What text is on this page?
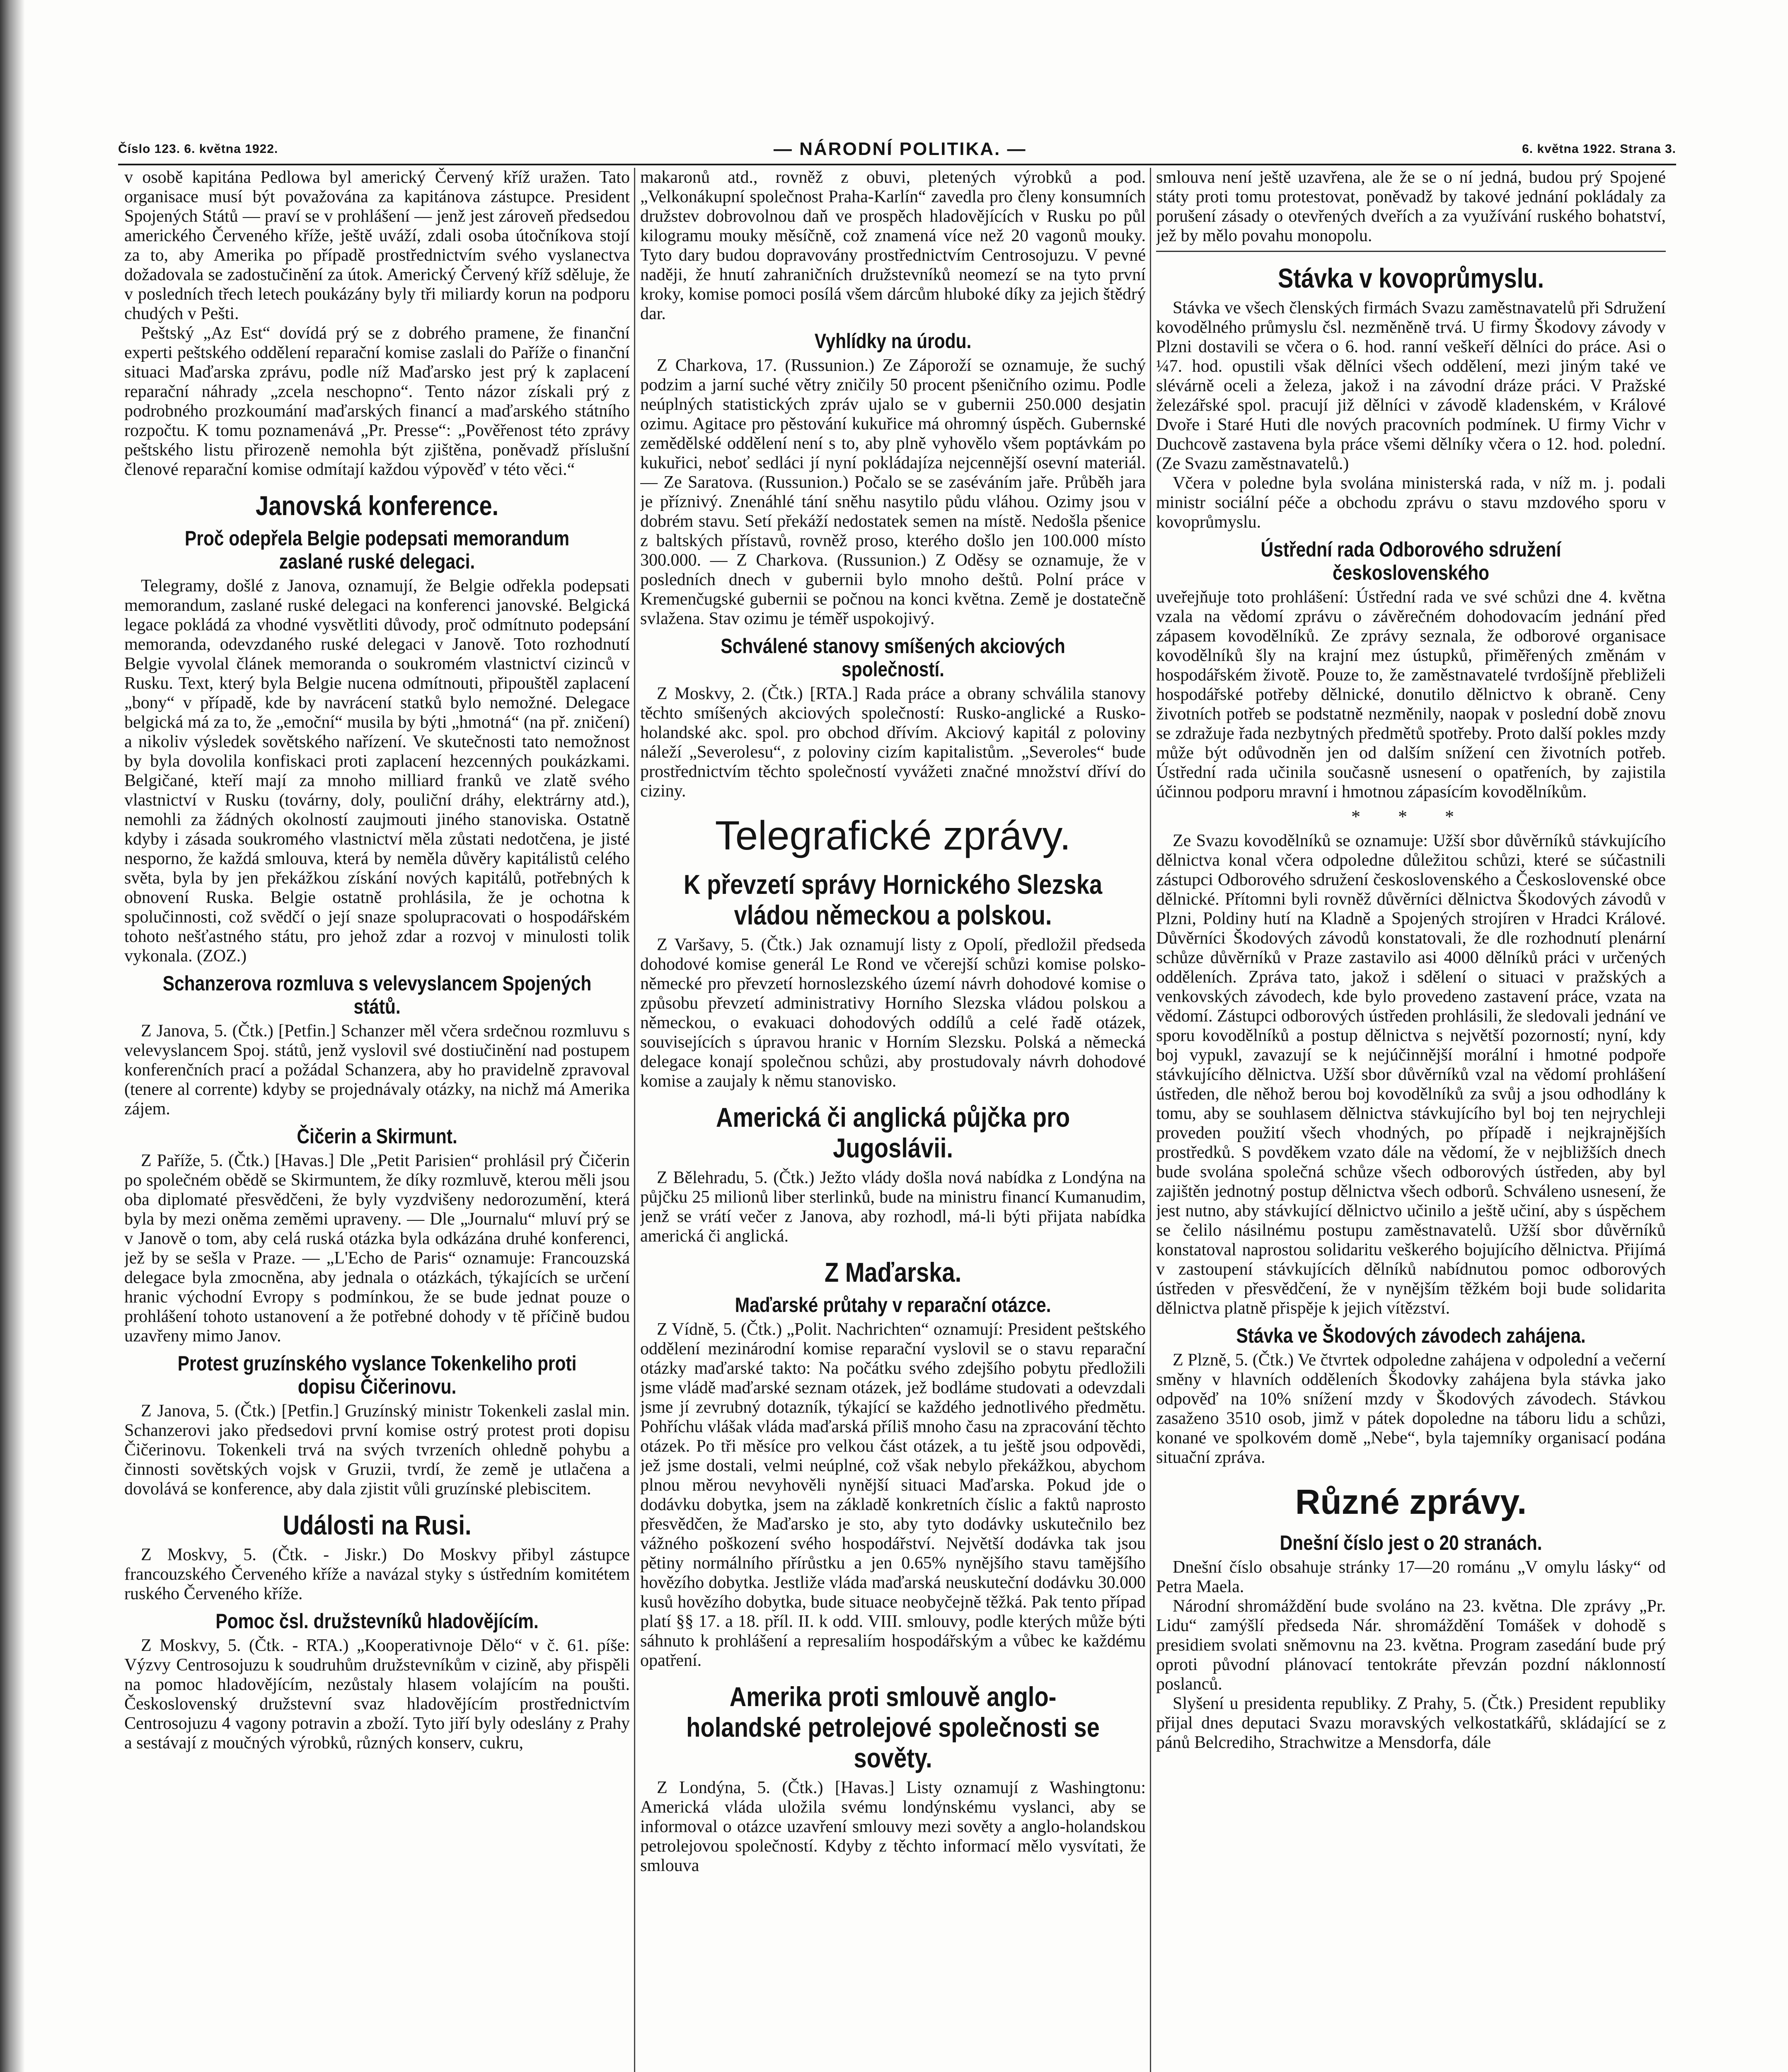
Číslo 123. 6. května 1922.	— NÁRODNÍ POLITIKA. —	6. května 1922. Strana 3.

v osobě kapitána Pedlowa byl americký Červený kříž uražen. Tato organisace musí být považována za kapitánova zástupce. President Spojených Států — praví se v prohlášení — jenž jest zároveň předsedou amerického Červeného kříže, ještě uváží, zdali osoba útočníkova stojí za to, aby Amerika po případě prostřednictvím svého vyslanectva dožadovala se zadostučinění za útok. Americký Červený kříž sděluje, že v posledních třech letech poukázány byly tři miliardy korun na podporu chudých v Pešti.

Peštský „Az Est“ dovídá prý se z dobrého pramene, že finanční experti peštského oddělení reparační komise zaslali do Paříže o finanční situaci Maďarska zprávu, podle níž Maďarsko jest prý k zaplacení reparační náhrady „zcela neschopno“. Tento názor získali prý z podrobného prozkoumání maďarských financí a maďarského státního rozpočtu. K tomu poznamenává „Pr. Presse“: „Pověřenost této zprávy peštského listu přirozeně nemohla být zjištěna, poněvadž příslušní členové reparační komise odmítají každou výpověď v této věci.“

Janovská konference.
Proč odepřela Belgie podepsati memorandum zaslané ruské delegaci.

Telegramy, došlé z Janova, oznamují, že Belgie odřekla podepsati memorandum, zaslané ruské delegaci na konferenci janovské. Belgická legace pokládá za vhodné vysvětliti důvody, proč odmítnuto podepsání memoranda, odevzdaného ruské delegaci v Janově. Toto rozhodnutí Belgie vyvolal článek memoranda o soukromém vlastnictví cizinců v Rusku. Text, který byla Belgie nucena odmítnouti, připouštěl zaplacení „bony“ v případě, kde by navrácení statků bylo nemožné. Delegace belgická má za to, že „emoční“ musila by býti „hmotná“ (na př. zničení) a nikoliv výsledek sovětského nařízení. Ve skutečnosti tato nemožnost by byla dovolila konfiskaci proti zaplacení hezcenných poukázkami. Belgičané, kteří mají za mnoho milliard franků ve zlatě svého vlastnictví v Rusku (továrny, doly, pouliční dráhy, elektrárny atd.), nemohli za žádných okolností zaujmouti jiného stanoviska. Ostatně kdyby i zásada soukromého vlastnictví měla zůstati nedotčena, je jisté nesporno, že každá smlouva, která by neměla důvěry kapitálistů celého světa, byla by jen překážkou získání nových kapitálů, potřebných k obnovení Ruska. Belgie ostatně prohlásila, že je ochotna k spolučinnosti, což svědčí o její snaze spolupracovati o hospodářském tohoto nešťastného státu, pro jehož zdar a rozvoj v minulosti tolik vykonala. (ZOZ.)

Schanzerova rozmluva s velevyslancem Spojených států.

Z Janova, 5. (Čtk.) [Petfin.] Schanzer měl včera srdečnou rozmluvu s velevyslancem Spoj. států, jenž vyslovil své dostiučinění nad postupem konferenčních prací a požádal Schanzera, aby ho pravidelně zpravoval (tenere al corrente) kdyby se projednávaly otázky, na nichž má Amerika zájem.

Čičerin a Skirmunt.

Z Paříže, 5. (Čtk.) [Havas.] Dle „Petit Parisien“ prohlásil prý Čičerin po společném obědě se Skirmuntem, že díky rozmluvě, kterou měli jsou oba diplomaté přesvědčeni, že byly vyzdvišeny nedorozumění, která byla by mezi oněma zeměmi upraveny. — Dle „Journalu“ mluví prý se v Janově o tom, aby celá ruská otázka byla odkázána druhé konferenci, jež by se sešla v Praze. — „L'Echo de Paris“ oznamuje: Francouzská delegace byla zmocněna, aby jednala o otázkách, týkajících se určení hranic východní Evropy s podmínkou, že se bude jednat pouze o prohlášení tohoto ustanovení a že potřebné dohody v tě příčině budou uzavřeny mimo Janov.

Protest gruzínského vyslance Tokenkeliho proti dopisu Čičerinovu.

Z Janova, 5. (Čtk.) [Petfin.] Gruzínský ministr Tokenkeli zaslal min. Schanzerovi jako předsedovi první komise ostrý protest proti dopisu Čičerinovu. Tokenkeli trvá na svých tvrzeních ohledně pohybu a činnosti sovětských vojsk v Gruzii, tvrdí, že země je utlačena a dovolává se konference, aby dala zjistit vůli gruzínské plebiscitem.

Události na Rusi.

Z Moskvy, 5. (Čtk. - Jiskr.) Do Moskvy přibyl zástupce francouzského Červeného kříže a navázal styky s ústředním komitétem ruského Červeného kříže.

Pomoc čsl. družstevníků hladovějícím.

Z Moskvy, 5. (Čtk. - RTA.) „Kooperativnoje Dělo“ v č. 61. píše: Výzvy Centrosojuzu k soudruhům družstevníkům v cizině, aby přispěli na pomoc hladovějícím, nezůstaly hlasem volajícím na poušti. Československý družstevní svaz hladovějícím prostřednictvím Centrosojuzu 4 vagony potravin a zboží. Tyto jiří byly odeslány z Prahy a sestávají z moučných výrobků, různých konserv, cukru,

makaronů atd., rovněž z obuvi, pletených výrobků a pod. „Velkonákupní společnost Praha-Karlín“ zavedla pro členy konsumních družstev dobrovolnou daň ve prospěch hladovějících v Rusku po půl kilogramu mouky měsíčně, což znamená více než 20 vagonů mouky. Tyto dary budou dopravovány prostřednictvím Centrosojuzu. V pevné naději, že hnutí zahraničních družstevníků neomezí se na tyto první kroky, komise pomoci posílá všem dárcům hluboké díky za jejich štědrý dar.

Vyhlídky na úrodu.

Z Charkova, 17. (Russunion.) Ze Záporoží se oznamuje, že suchý podzim a jarní suché větry zničily 50 procent pšeničního ozimu. Podle neúplných statistických zpráv ujalo se v gubernii 250.000 desjatin ozimu. Agitace pro pěstování kukuřice má ohromný úspěch. Gubernské zemědělské oddělení není s to, aby plně vyhovělo všem poptávkám po kukuřici, neboť sedláci jí nyní pokládajíza nejcennější osevní materiál. — Ze Saratova. (Russunion.) Počalo se se zaséváním jaře. Průběh jara je příznivý. Znenáhlé tání sněhu nasytilo půdu vláhou. Ozimy jsou v dobrém stavu. Setí překáží nedostatek semen na místě. Nedošla pšenice z baltských přístavů, rovněž proso, kterého došlo jen 100.000 místo 300.000. — Z Charkova. (Russunion.) Z Oděsy se oznamuje, že v posledních dnech v gubernii bylo mnoho deštů. Polní práce v Kremenčugské gubernii se počnou na konci května. Země je dostatečně svlažena. Stav ozimu je téměř uspokojivý.

Schválené stanovy smíšených akciových společností.

Z Moskvy, 2. (Čtk.) [RTA.] Rada práce a obrany schválila stanovy těchto smíšených akciových společností: Rusko-anglické a Rusko-holandské akc. spol. pro obchod dřívím. Akciový kapitál z poloviny náleží „Severolesu“, z poloviny cizím kapitalistům. „Severoles“ bude prostřednictvím těchto společností vyvážeti značné množství dříví do ciziny.

Telegrafické zprávy.
K převzetí správy Hornického Slezska vládou německou a polskou.

Z Varšavy, 5. (Čtk.) Jak oznamují listy z Opolí, předložil předseda dohodové komise generál Le Rond ve včerejší schůzi komise polsko-německé pro převzetí hornoslezského území návrh dohodové komise o způsobu převzetí administrativy Horního Slezska vládou polskou a německou, o evakuaci dohodových oddílů a celé řadě otázek, souvisejících s úpravou hranic v Horním Slezsku. Polská a německá delegace konají společnou schůzi, aby prostudovaly návrh dohodové komise a zaujaly k němu stanovisko.

Americká či anglická půjčka pro Jugoslávii.

Z Bělehradu, 5. (Čtk.) Ježto vlády došla nová nabídka z Londýna na půjčku 25 milionů liber sterlinků, bude na ministru financí Kumanudim, jenž se vrátí večer z Janova, aby rozhodl, má-li býti přijata nabídka americká či anglická.

Z Maďarska.
Maďarské průtahy v reparační otázce.

Z Vídně, 5. (Čtk.) „Polit. Nachrichten“ oznamují: President peštského oddělení mezinárodní komise reparační vyslovil se o stavu reparační otázky maďarské takto: Na počátku svého zdejšího pobytu předložili jsme vládě maďarské seznam otázek, jež bodláme studovati a odevzdali jsme jí zevrubný dotazník, týkající se každého jednotlivého předmětu. Pohříchu vlášak vláda maďarská příliš mnoho času na zpracování těchto otázek. Po tři měsíce pro velkou část otázek, a tu ještě jsou odpovědi, jež jsme dostali, velmi neúplné, což však nebylo překážkou, abychom plnou měrou nevyhověli nynější situaci Maďarska. Pokud jde o dodávku dobytka, jsem na základě konkretních číslic a faktů naprosto přesvědčen, že Maďarsko je sto, aby tyto dodávky uskutečnilo bez vážného poškození svého hospodářství. Největší dodávka tak jsou pětiny normálního přírůstku a jen 0.65% nynějšího stavu tamějšího hovězího dobytka. Jestliže vláda maďarská neuskuteční dodávku 30.000 kusů hovězího dobytka, bude situace neobyčejně těžká. Pak tento případ platí §§ 17. a 18. příl. II. k odd. VIII. smlouvy, podle kterých může býti sáhnuto k prohlášení a represaliím hospodářským a vůbec ke každému opatření.

Amerika proti smlouvě anglo-holandské petrolejové společnosti se sověty.

Z Londýna, 5. (Čtk.) [Havas.] Listy oznamují z Washingtonu: Americká vláda uložila svému londýnskému vyslanci, aby se informoval o otázce uzavření smlouvy mezi sověty a anglo-holandskou petrolejovou společností. Kdyby z těchto informací mělo vysvítati, že smlouva

smlouva není ještě uzavřena, ale že se o ní jedná, budou prý Spojené státy proti tomu protestovat, poněvadž by takové jednání pokládaly za porušení zásady o otevřených dveřích a za využívání ruského bohatství, jež by mělo povahu monopolu.

Stávka v kovoprůmyslu.

Stávka ve všech členských firmách Svazu zaměstnavatelů při Sdružení kovodělného průmyslu čsl. nezměněně trvá. U firmy Škodovy závody v Plzni dostavili se včera o 6. hod. ranní veškeří dělníci do práce. Asi o ¼7. hod. opustili však dělníci všech oddělení, mezi jiným také ve slévárně oceli a železa, jakož i na závodní dráze práci. V Pražské železářské spol. pracují již dělníci v závodě kladenském, v Králové Dvoře i Staré Huti dle nových pracovních podmínek. U firmy Vichr v Duchcově zastavena byla práce všemi dělníky včera o 12. hod. polední. (Ze Svazu zaměstnavatelů.)

Včera v poledne byla svolána ministerská rada, v níž m. j. podali ministr sociální péče a obchodu zprávu o stavu mzdového sporu v kovoprůmyslu.

Ústřední rada Odborového sdružení československého

uveřejňuje toto prohlášení: Ústřední rada ve své schůzi dne 4. května vzala na vědomí zprávu o závěrečném dohodovacím jednání před zápasem kovodělníků. Ze zprávy seznala, že odborové organisace kovodělníků šly na krajní mez ústupků, přiměřených změnám v hospodářském životě. Pouze to, že zaměstnavatelé tvrdošíjně přebliželi hospodářské potřeby dělnické, donutilo dělnictvo k obraně. Ceny životních potřeb se podstatně nezměnily, naopak v poslední době znovu se zdražuje řada nezbytných předmětů spotřeby. Proto další pokles mzdy může být odůvodněn jen od dalším snížení cen životních potřeb. Ústřední rada učinila současně usnesení o opatřeních, by zajistila účinnou podporu mravní i hmotnou zápasícím kovodělníkům.

* * *

Ze Svazu kovodělníků se oznamuje: Užší sbor důvěrníků stávkujícího dělnictva konal včera odpoledne důležitou schůzi, které se súčastnili zástupci Odborového sdružení československého a Československé obce dělnické. Přítomni byli rovněž důvěrníci dělnictva Škodových závodů v Plzni, Poldiny hutí na Kladně a Spojených strojíren v Hradci Králové. Důvěrníci Škodových závodů konstatovali, že dle rozhodnutí plenární schůze důvěrníků v Praze zastavilo asi 4000 dělníků práci v určených odděleních. Zpráva tato, jakož i sdělení o situaci v pražských a venkovských závodech, kde bylo provedeno zastavení práce, vzata na vědomí. Zástupci odborových ústředen prohlásili, že sledovali jednání ve sporu kovodělníků a postup dělnictva s největší pozorností; nyní, kdy boj vypukl, zavazují se k nejúčinnější morální i hmotné podpoře stávkujícího dělnictva. Užší sbor důvěrníků vzal na vědomí prohlášení ústředen, dle něhož berou boj kovodělníků za svůj a jsou odhodlány k tomu, aby se souhlasem dělnictva stávkujícího byl boj ten nejrychleji proveden použití všech vhodných, po případě i nejkrajnějších prostředků. S povděkem vzato dále na vědomí, že v nejbližších dnech bude svolána společná schůze všech odborových ústředen, aby byl zajištěn jednotný postup dělnictva všech odborů. Schváleno usnesení, že jest nutno, aby stávkující dělnictvo učinilo a ještě učiní, aby s úspěchem se čelilo násilnému postupu zaměstnavatelů. Užší sbor důvěrníků konstatoval naprostou solidaritu veškerého bojujícího dělnictva. Přijímá v zastoupení stávkujících dělníků nabídnutou pomoc odborových ústředen v přesvědčení, že v nynějším těžkém boji bude solidarita dělnictva platně přispěje k jejich vítězství.

Stávka ve Škodových závodech zahájena.

Z Plzně, 5. (Čtk.) Ve čtvrtek odpoledne zahájena v odpolední a večerní směny v hlavních odděleních Škodovky zahájena byla stávka jako odpověď na 10% snížení mzdy v Škodových závodech. Stávkou zasaženo 3510 osob, jimž v pátek dopoledne na táboru lidu a schůzi, konané ve spolkovém domě „Nebe“, byla tajemníky organisací podána situační zpráva.

Různé zprávy.
Dnešní číslo jest o 20 stranách.

Dnešní číslo obsahuje stránky 17—20 románu „V omylu lásky“ od Petra Maela.

Národní shromáždění bude svoláno na 23. května. Dle zprávy „Pr. Lidu“ zamýšlí předseda Nár. shromáždění Tomášek v dohodě s presidiem svolati sněmovnu na 23. května. Program zasedání bude prý oproti původní plánovací tentokráte převzán pozdní náklonností poslanců.

Slyšení u presidenta republiky. Z Prahy, 5. (Čtk.) President republiky přijal dnes deputaci Svazu moravských velkostatkářů, skládající se z pánů Belcrediho, Strachwitze a Mensdorfa, dále
